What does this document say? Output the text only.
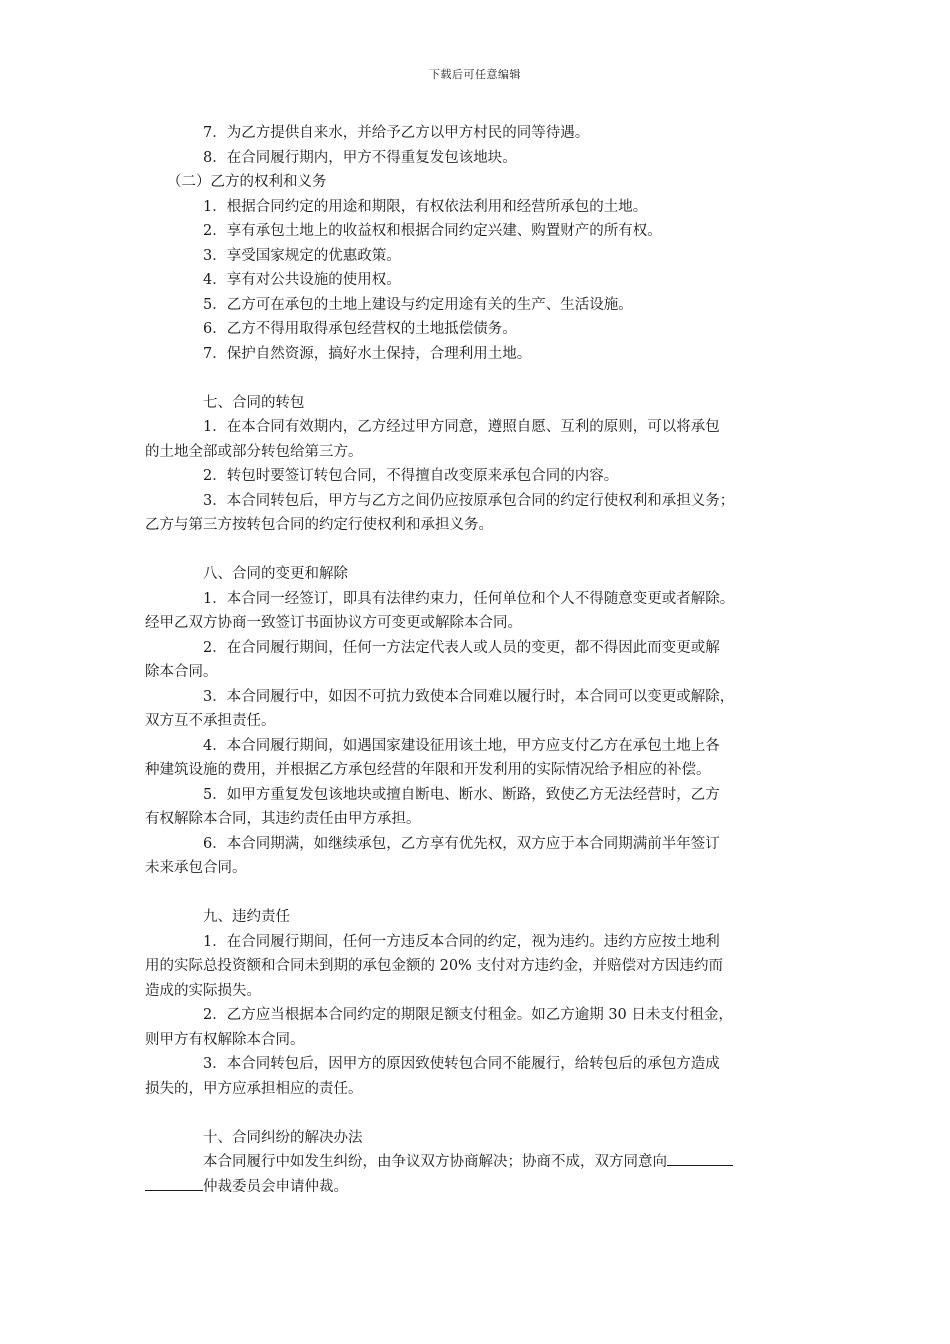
下载后可任意编辑
7．为乙方提供自来水，并给予乙方以甲方村民的同等待遇。
8．在合同履行期内，甲方不得重复发包该地块。
（二）乙方的权利和义务
1．根据合同约定的用途和期限，有权依法利用和经营所承包的土地。
2．享有承包土地上的收益权和根据合同约定兴建、购置财产的所有权。
3．享受国家规定的优惠政策。
4．享有对公共设施的使用权。
5．乙方可在承包的土地上建设与约定用途有关的生产、生活设施。
6．乙方不得用取得承包经营权的土地抵偿债务。
7．保护自然资源，搞好水土保持，合理利用土地。
七、合同的转包
1．在本合同有效期内，乙方经过甲方同意，遵照自愿、互利的原则，可以将承包
的土地全部或部分转包给第三方。
2．转包时要签订转包合同，不得擅自改变原来承包合同的内容。
3．本合同转包后，甲方与乙方之间仍应按原承包合同的约定行使权利和承担义务；
乙方与第三方按转包合同的约定行使权利和承担义务。
八、合同的变更和解除
1．本合同一经签订，即具有法律约束力，任何单位和个人不得随意变更或者解除。
经甲乙双方协商一致签订书面协议方可变更或解除本合同。
2．在合同履行期间，任何一方法定代表人或人员的变更，都不得因此而变更或解
除本合同。
3．本合同履行中，如因不可抗力致使本合同难以履行时，本合同可以变更或解除，
双方互不承担责任。
4．本合同履行期间，如遇国家建设征用该土地，甲方应支付乙方在承包土地上各
种建筑设施的费用，并根据乙方承包经营的年限和开发利用的实际情况给予相应的补偿。
5．如甲方重复发包该地块或擅自断电、断水、断路，致使乙方无法经营时，乙方
有权解除本合同，其违约责任由甲方承担。
6．本合同期满，如继续承包，乙方享有优先权，双方应于本合同期满前半年签订
未来承包合同。
九、违约责任
1．在合同履行期间，任何一方违反本合同的约定，视为违约。违约方应按土地利
用的实际总投资额和合同未到期的承包金额的 20% 支付对方违约金，并赔偿对方因违约而
造成的实际损失。
2．乙方应当根据本合同约定的期限足额支付租金。如乙方逾期 30 日未支付租金，
则甲方有权解除本合同。
3．本合同转包后，因甲方的原因致使转包合同不能履行，给转包后的承包方造成
损失的，甲方应承担相应的责任。
十、合同纠纷的解决办法
本合同履行中如发生纠纷，由争议双方协商解决；协商不成，双方同意向
仲裁委员会申请仲裁。
